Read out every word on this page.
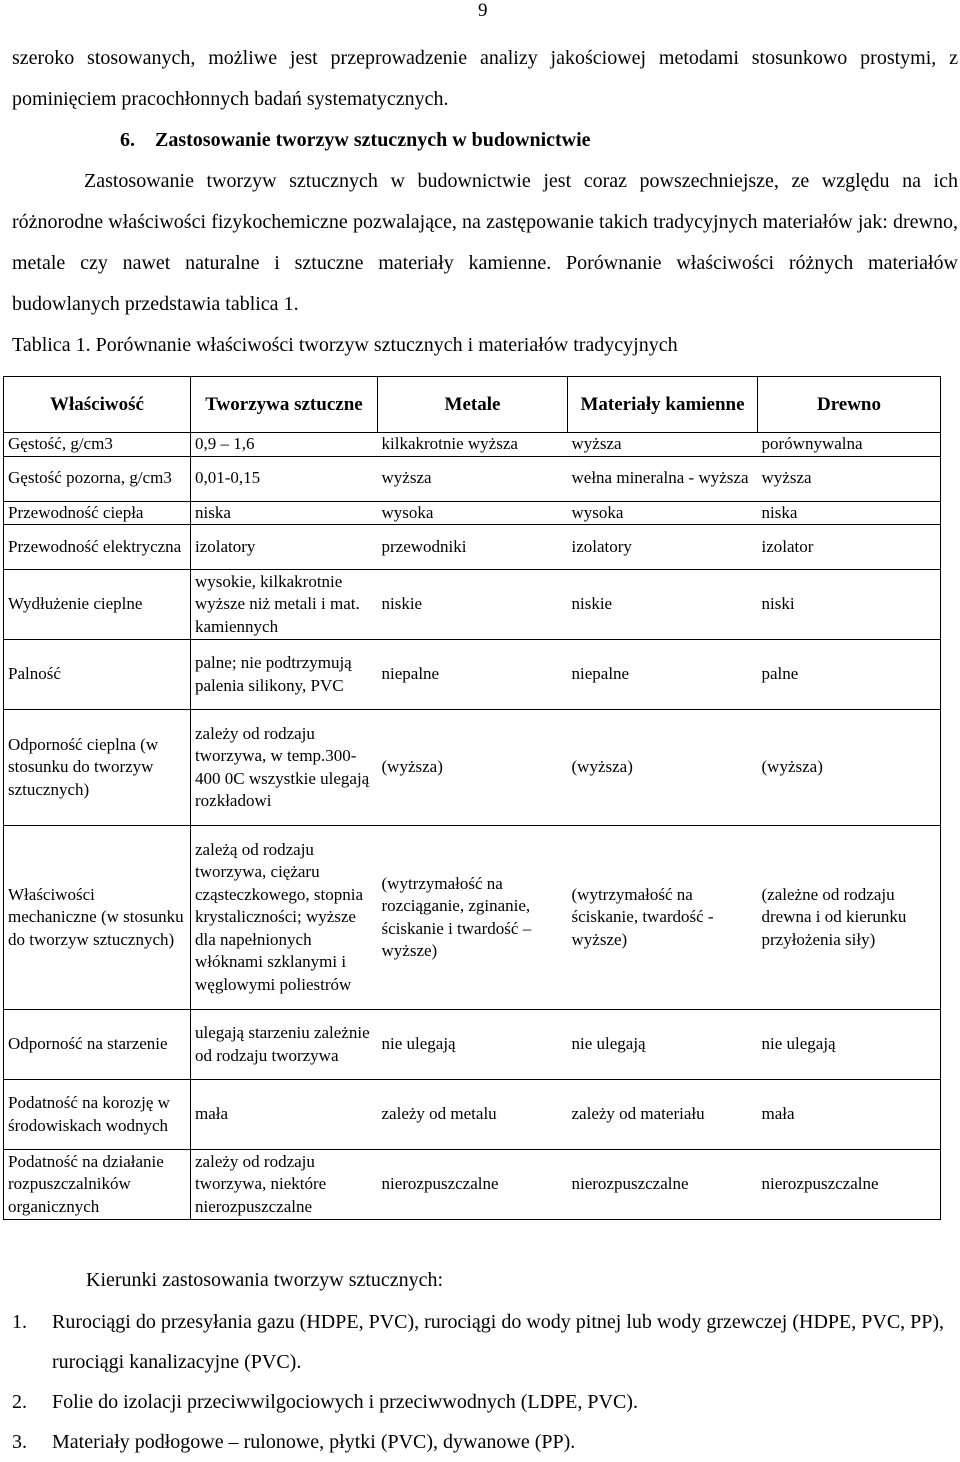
9

szeroko stosowanych, możliwe jest przeprowadzenie analizy jakościowej metodami stosunkowo prostymi, z pominięciem pracochłonnych badań systematycznych.

6. Zastosowanie tworzyw sztucznych w budownictwie

Zastosowanie tworzyw sztucznych w budownictwie jest coraz powszechniejsze, ze względu na ich różnorodne właściwości fizykochemiczne pozwalające, na zastępowanie takich tradycyjnych materiałów jak: drewno, metale czy nawet naturalne i sztuczne materiały kamienne. Porównanie właściwości różnych materiałów budowlanych przedstawia tablica 1.

Tablica 1. Porównanie właściwości tworzyw sztucznych i materiałów tradycyjnych

Właściwość	Tworzywa sztuczne	Metale	Materiały kamienne	Drewno
Gęstość, g/cm3	0,9 – 1,6	kilkakrotnie wyższa	wyższa	porównywalna
Gęstość pozorna, g/cm3	0,01-0,15	wyższa	wełna mineralna - wyższa	wyższa
Przewodność ciepła	niska	wysoka	wysoka	niska
Przewodność elektryczna	izolatory	przewodniki	izolatory	izolator
Wydłużenie cieplne	wysokie, kilkakrotnie wyższe niż metali i mat. kamiennych	niskie	niskie	niski
Palność	palne; nie podtrzymują palenia silikony, PVC	niepalne	niepalne	palne
Odporność cieplna (w stosunku do tworzyw sztucznych)	zależy od rodzaju tworzywa, w temp.300-400 0C wszystkie ulegają rozkładowi	(wyższa)	(wyższa)	(wyższa)
Właściwości mechaniczne (w stosunku do tworzyw sztucznych)	zależą od rodzaju tworzywa, ciężaru cząsteczkowego, stopnia krystaliczności; wyższe dla napełnionych włóknami szklanymi i węglowymi poliestrów	(wytrzymałość na rozciąganie, zginanie, ściskanie i twardość – wyższe)	(wytrzymałość na ściskanie, twardość - wyższe)	(zależne od rodzaju drewna i od kierunku przyłożenia siły)
Odporność na starzenie	ulegają starzeniu zależnie od rodzaju tworzywa	nie ulegają	nie ulegają	nie ulegają
Podatność na korozję w środowiskach wodnych	mała	zależy od metalu	zależy od materiału	mała
Podatność na działanie rozpuszczalników organicznych	zależy od rodzaju tworzywa, niektóre nierozpuszczalne	nierozpuszczalne	nierozpuszczalne	nierozpuszczalne

Kierunki zastosowania tworzyw sztucznych:

1. Rurociągi do przesyłania gazu (HDPE, PVC), rurociągi do wody pitnej lub wody grzewczej (HDPE, PVC, PP), rurociągi kanalizacyjne (PVC).
2. Folie do izolacji przeciwwilgociowych i przeciwwodnych (LDPE, PVC).
3. Materiały podłogowe – rulonowe, płytki (PVC), dywanowe (PP).
